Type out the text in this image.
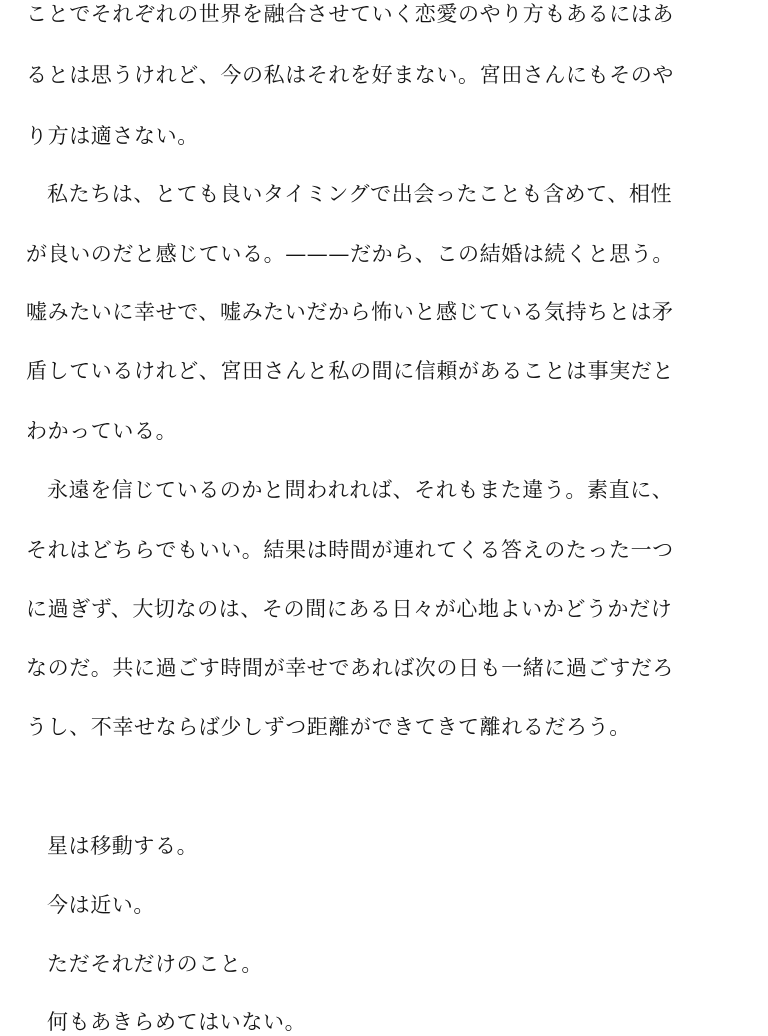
ことでそれぞれの世界を融合させていく恋愛のやり方もあるにはあ
るとは思うけれど、今の私はそれを好まない。宮田さんにもそのや
り方は適さない。
私たちは、とても良いタイミングで出会ったことも含めて、相性
が良いのだと感じている。———だから、この結婚は続くと思う。
嘘みたいに幸せで、嘘みたいだから怖いと感じている気持ちとは矛
盾しているけれど、宮田さんと私の間に信頼があることは事実だと
わかっている。
永遠を信じているのかと問われれば、それもまた違う。素直に、
それはどちらでもいい。結果は時間が連れてくる答えのたった一つ
に過ぎず、大切なのは、その間にある日々が心地よいかどうかだけ
なのだ。共に過ごす時間が幸せであれば次の日も一緒に過ごすだろ
うし、不幸せならば少しずつ距離ができてきて離れるだろう。
星は移動する。
今は近い。
ただそれだけのこと。
何もあきらめてはいない。
